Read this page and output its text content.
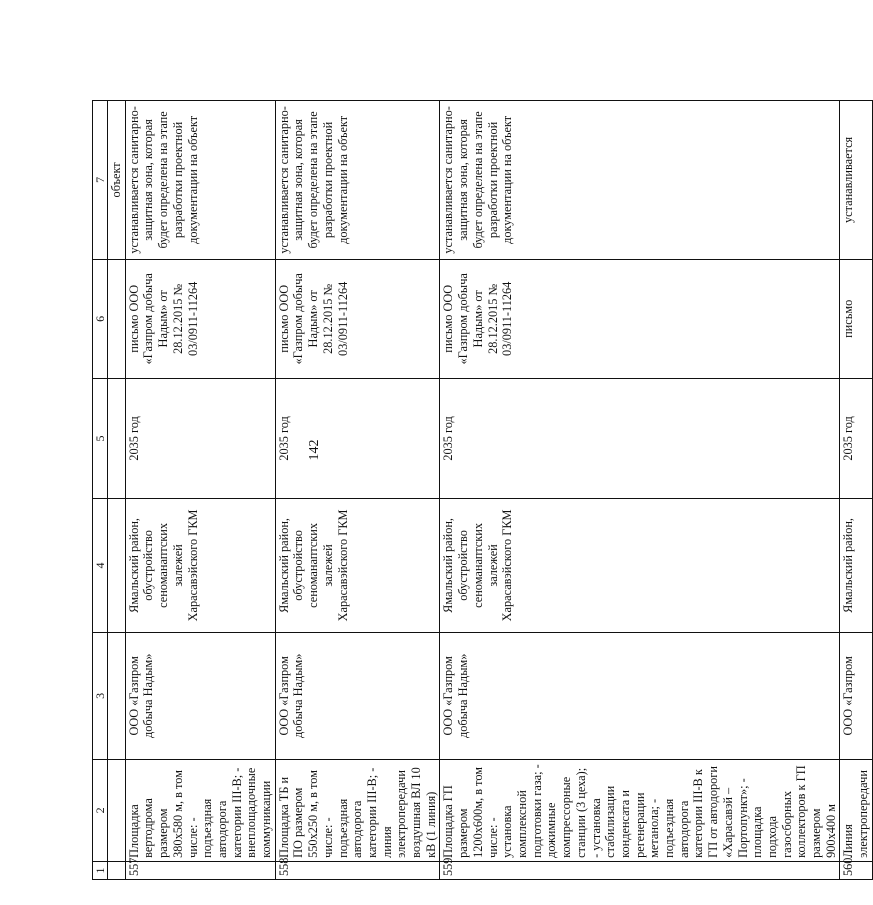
142
1	2	3	4	5	6	7
						объект
557.	Площадка вертодрома размером 380х580 м, в том числе: - подъездная автодорога категории III-В; - внеплощадочные коммуникации	ООО «Газпром добыча Надым»	Ямальский район, обустройство сеноманаптских залежей Харасавэйского ГКМ	2035 год	письмо ООО «Газпром добыча Надым» от 28.12.2015 № 03/0911-11264	устанавливается санитарно-защитная зона, которая будет определена на этапе разработки проектной документации на объект
558.	Площадка ТБ и ПО размером 550х250 м, в том числе: - подъездная автодорога категории III-В; - линия электропередачи воздушная ВЛ 10 кВ (1 линия)	ООО «Газпром добыча Надым»	Ямальский район, обустройство сеноманаптских залежей Харасавэйского ГКМ	2035 год	письмо ООО «Газпром добыча Надым» от 28.12.2015 № 03/0911-11264	устанавливается санитарно-защитная зона, которая будет определена на этапе разработки проектной документации на объект
559.	Площадка ГП размером 1200х600м, в том числе: - установка комплексной подготовки газа; - дожимные компрессорные станции (3 цеха); - установка стабилизации конденсата и регенерации метанола; - подъездная автодорога категории III-В к ГП от автодороги «Харасавэй – Портопункт»; - площадка подхода газосборных коллекторов к ГП размером 900х400 м	ООО «Газпром добыча Надым»	Ямальский район, обустройство сеноманаптских залежей Харасавэйского ГКМ	2035 год	письмо ООО «Газпром добыча Надым» от 28.12.2015 № 03/0911-11264	устанавливается санитарно-защитная зона, которая будет определена на этапе разработки проектной документации на объект
560.	Линия электропередачи	ООО «Газпром	Ямальский район,	2035 год	письмо	устанавливается
